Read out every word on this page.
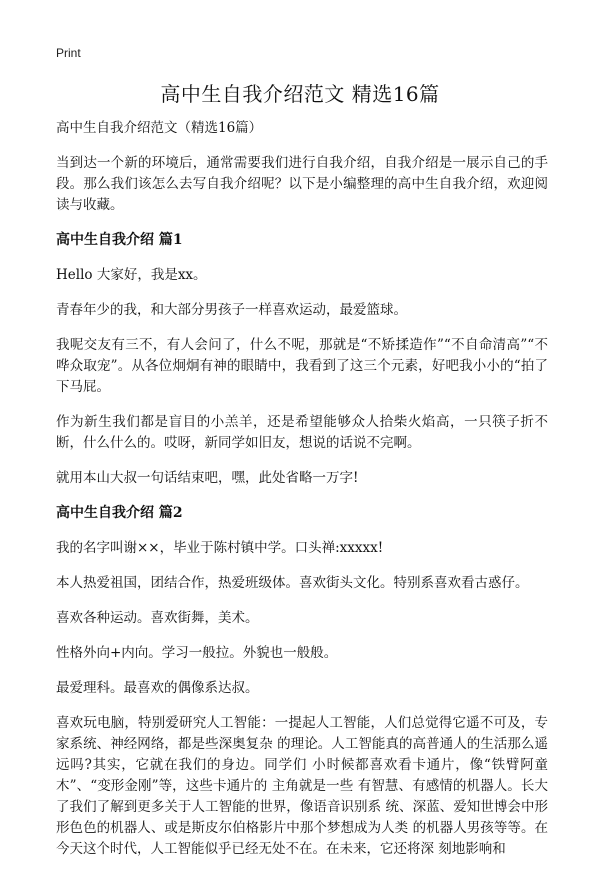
Print
高中生自我介绍范文 精选16篇

高中生自我介绍范文（精选16篇）

当到达一个新的环境后，通常需要我们进行自我介绍，自我介绍是一展示自己的手段。那么我们该怎么去写自我介绍呢？以下是小编整理的高中生自我介绍，欢迎阅读与收藏。

高中生自我介绍 篇1

Hello 大家好，我是xx。

青春年少的我，和大部分男孩子一样喜欢运动，最爱篮球。

我呢交友有三不，有人会问了，什么不呢，那就是“不矫揉造作”“不自命清高”“不哗众取宠”。从各位炯炯有神的眼睛中，我看到了这三个元素，好吧我小小的“拍了下马屁。

作为新生我们都是盲目的小羔羊，还是希望能够众人拾柴火焰高，一只筷子折不断，什么什么的。哎呀，新同学如旧友，想说的话说不完啊。

就用本山大叔一句话结束吧，嘿，此处省略一万字!

高中生自我介绍 篇2

我的名字叫谢××，毕业于陈村镇中学。口头禅:xxxxx!

本人热爱祖国，团结合作，热爱班级体。喜欢街头文化。特别系喜欢看古惑仔。

喜欢各种运动。喜欢街舞，美术。

性格外向+内向。学习一般拉。外貌也一般般。

最爱理科。最喜欢的偶像系达叔。

喜欢玩电脑，特别爱研究人工智能：一提起人工智能，人们总觉得它遥不可及，专家系统、神经网络，都是些深奥复杂 的理论。人工智能真的高普通人的生活那么遥远吗?其实，它就在我们的身边。同学们 小时候都喜欢看卡通片，像“铁臂阿童木”、“变形金刚”等，这些卡通片的 主角就是一些 有智慧、有感情的机器人。长大了我们了解到更多关于人工智能的世界，像语音识别系 统、深蓝、爱知世博会中形形色色的机器人、或是斯皮尔伯格影片中那个梦想成为人类 的机器人男孩等等。在今天这个时代，人工智能似乎已经无处不在。在未来，它还将深 刻地影响和
